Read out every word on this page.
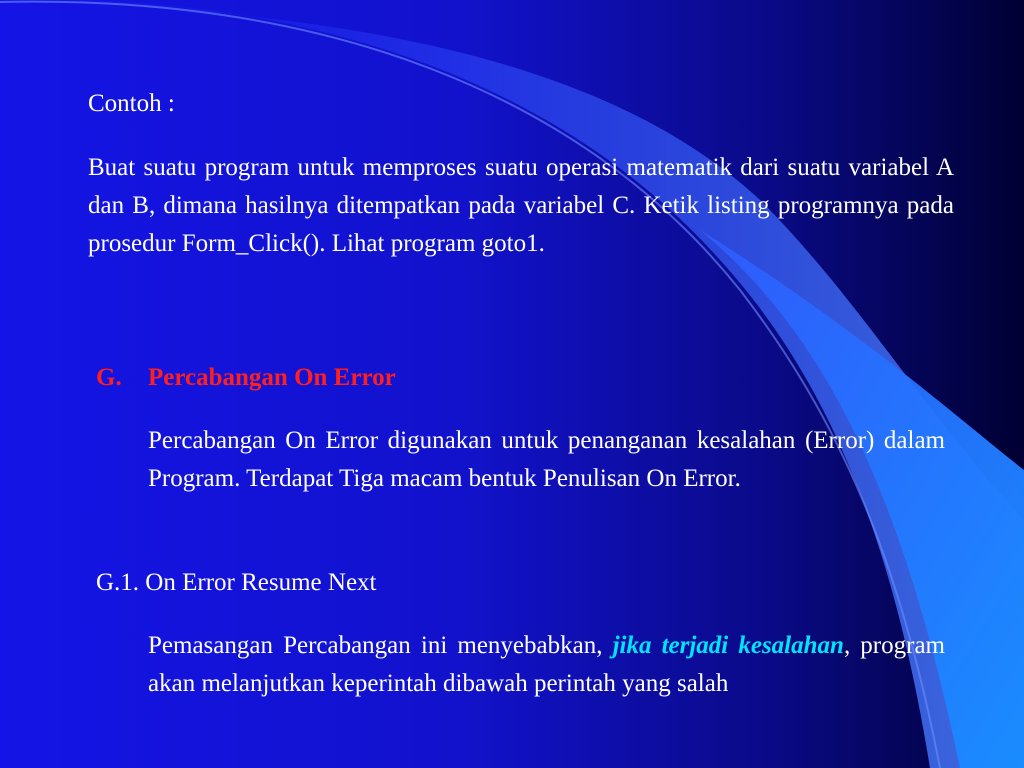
Contoh :

Buat suatu program untuk memproses suatu operasi matematik dari suatu variabel A dan B, dimana hasilnya ditempatkan pada variabel C. Ketik listing programnya pada prosedur Form_Click(). Lihat program goto1.

G. Percabangan On Error

Percabangan On Error digunakan untuk penanganan kesalahan (Error) dalam Program. Terdapat Tiga macam bentuk Penulisan On Error.

G.1. On Error Resume Next

Pemasangan Percabangan ini menyebabkan, jika terjadi kesalahan, program akan melanjutkan keperintah dibawah perintah yang salah
